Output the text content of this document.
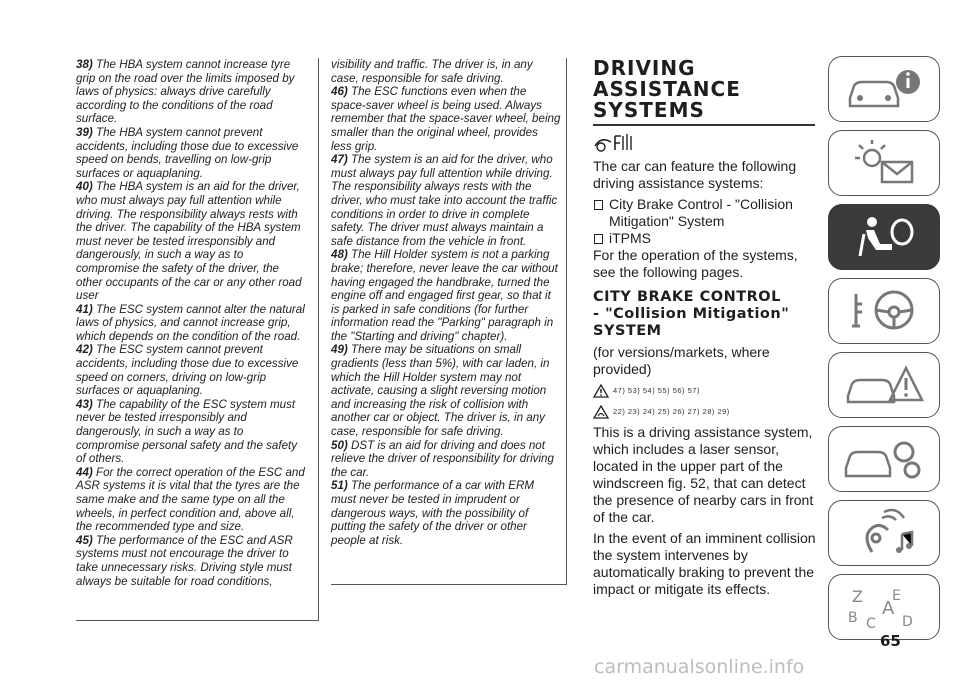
38) The HBA system cannot increase tyre grip on the road over the limits imposed by laws of physics: always drive carefully according to the conditions of the road surface.

39) The HBA system cannot prevent accidents, including those due to excessive speed on bends, travelling on low-grip surfaces or aquaplaning.

40) The HBA system is an aid for the driver, who must always pay full attention while driving. The responsibility always rests with the driver. The capability of the HBA system must never be tested irresponsibly and dangerously, in such a way as to compromise the safety of the driver, the other occupants of the car or any other road user

41) The ESC system cannot alter the natural laws of physics, and cannot increase grip, which depends on the condition of the road.

42) The ESC system cannot prevent accidents, including those due to excessive speed on corners, driving on low-grip surfaces or aquaplaning.

43) The capability of the ESC system must never be tested irresponsibly and dangerously, in such a way as to compromise personal safety and the safety of others.

44) For the correct operation of the ESC and ASR systems it is vital that the tyres are the same make and the same type on all the wheels, in perfect condition and, above all, the recommended type and size.

45) The performance of the ESC and ASR systems must not encourage the driver to take unnecessary risks. Driving style must always be suitable for road conditions,

visibility and traffic. The driver is, in any case, responsible for safe driving.

46) The ESC functions even when the space-saver wheel is being used. Always remember that the space-saver wheel, being smaller than the original wheel, provides less grip.

47) The system is an aid for the driver, who must always pay full attention while driving. The responsibility always rests with the driver, who must take into account the traffic conditions in order to drive in complete safety. The driver must always maintain a safe distance from the vehicle in front.

48) The Hill Holder system is not a parking brake; therefore, never leave the car without having engaged the handbrake, turned the engine off and engaged first gear, so that it is parked in safe conditions (for further information read the "Parking" paragraph in the "Starting and driving" chapter).

49) There may be situations on small gradients (less than 5%), with car laden, in which the Hill Holder system may not activate, causing a slight reversing motion and increasing the risk of collision with another car or object. The driver is, in any case, responsible for safe driving.

50) DST is an aid for driving and does not relieve the driver of responsibility for driving the car.

51) The performance of a car with ERM must never be tested in imprudent or dangerous ways, with the possibility of putting the safety of the driver or other people at risk.

DRIVING
ASSISTANCE
SYSTEMS

The car can feature the following driving assistance systems:

City Brake Control - "Collision Mitigation" System
iTPMS

For the operation of the systems, see the following pages.

CITY BRAKE CONTROL
- "Collision Mitigation"
SYSTEM

(for versions/markets, where provided)

47) 53) 54) 55) 56) 57)
22) 23) 24) 25) 26) 27) 28) 29)

This is a driving assistance system, which includes a laser sensor, located in the upper part of the windscreen fig. 52, that can detect the presence of nearby cars in front of the car.

In the event of an imminent collision the system intervenes by automatically braking to prevent the impact or mitigate its effects.	Z E
A
B C D
65
carmanualsonline.info
